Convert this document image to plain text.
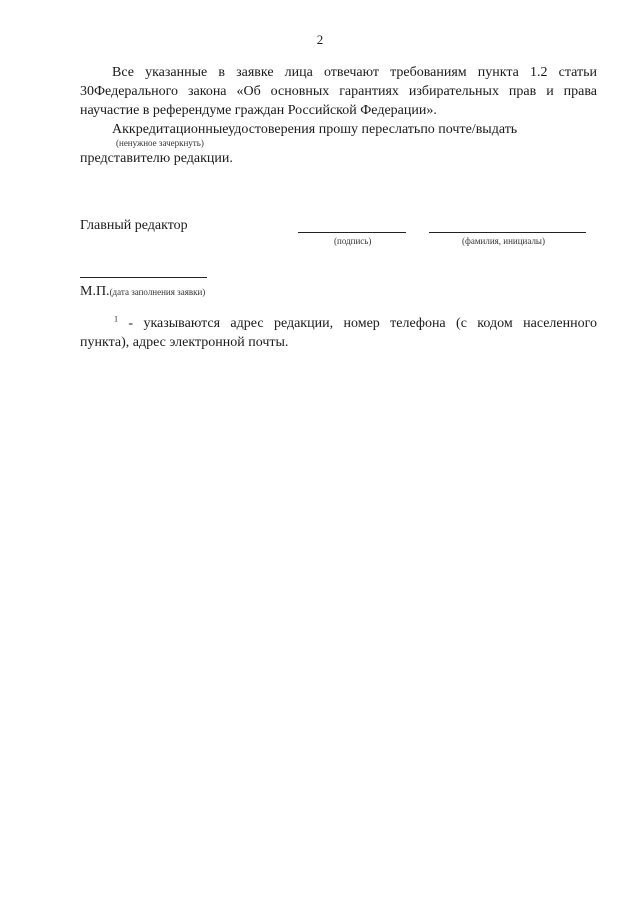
2
Все указанные в заявке лица отвечают требованиям пункта 1.2 статьи
30Федерального закона «Об основных гарантиях избирательных прав и права
научастие в референдуме граждан Российской Федерации».
Аккредитационныеудостоверения прошу переслатьпо почте/выдать
(ненужное зачеркнуть)
представителю редакции.
Главный редактор
(подпись)	(фамилия, инициалы)
М.П.(дата заполнения заявки)
$^1$ - указываются адрес редакции, номер телефона (с кодом населенного
пункта), адрес электронной почты.
